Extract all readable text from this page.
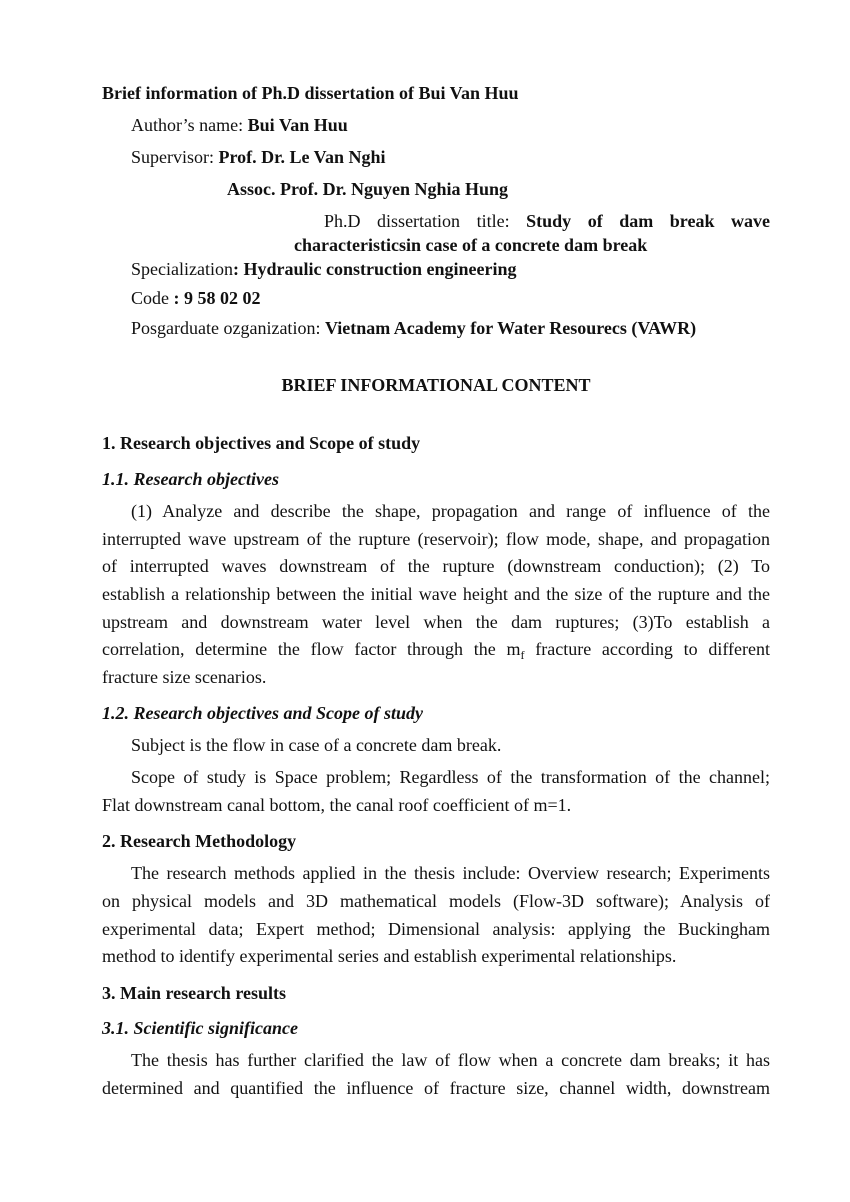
Brief information of Ph.D dissertation of Bui Van Huu
Author’s name: Bui Van Huu
Supervisor: Prof. Dr. Le Van Nghi
Assoc. Prof. Dr. Nguyen Nghia Hung
Ph.D dissertation title: Study of dam break wave
characteristicsin case of a concrete dam break
Specialization: Hydraulic construction engineering
Code : 9 58 02 02
Posgarduate ozganization: Vietnam Academy for Water Resourecs (VAWR)
BRIEF INFORMATIONAL CONTENT
1. Research objectives and Scope of study
1.1. Research objectives
(1) Analyze and describe the shape, propagation and range of influence of the
interrupted wave upstream of the rupture (reservoir); flow mode, shape, and propagation
of interrupted waves downstream of the rupture (downstream conduction); (2) To
establish a relationship between the initial wave height and the size of the rupture and the
upstream and downstream water level when the dam ruptures; (3)To establish a
correlation, determine the flow factor through the $m_f$ fracture according to different
fracture size scenarios.
1.2. Research objectives and Scope of study
Subject is the flow in case of a concrete dam break.
Scope of study is Space problem; Regardless of the transformation of the channel;
Flat downstream canal bottom, the canal roof coefficient of m=1.
2. Research Methodology
The research methods applied in the thesis include: Overview research; Experiments
on physical models and 3D mathematical models (Flow-3D software); Analysis of
experimental data; Expert method; Dimensional analysis: applying the Buckingham
method to identify experimental series and establish experimental relationships.
3. Main research results
3.1. Scientific significance
The thesis has further clarified the law of flow when a concrete dam breaks; it has
determined and quantified the influence of fracture size, channel width, downstream
